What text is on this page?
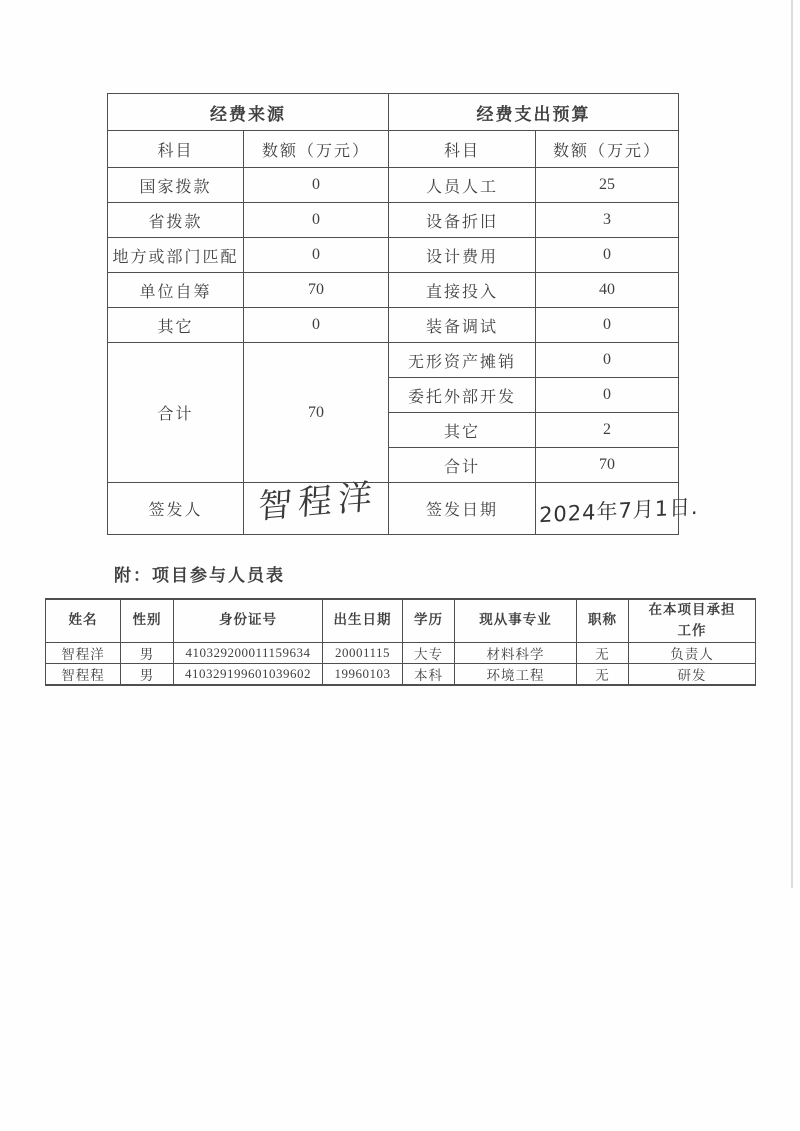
经费来源		经费支出预算	
科目	数额（万元）	科目	数额（万元）
国家拨款	0	人员人工	25
省拨款	0	设备折旧	3
地方或部门匹配	0	设计费用	0
单位自筹	70	直接投入	40
其它	0	装备调试	0
合计	70	无形资产摊销	0
		委托外部开发	0
		其它	2
		合计	70
签发人	智程洋	签发日期	2024年7月1日.
附：项目参与人员表
姓名	性别	身份证号	出生日期	学历	现从事专业	职称	在本项目承担工作
智程洋	男	410329200011159634	20001115	大专	材料科学	无	负责人
智程程	男	410329199601039602	19960103	本科	环境工程	无	研发
